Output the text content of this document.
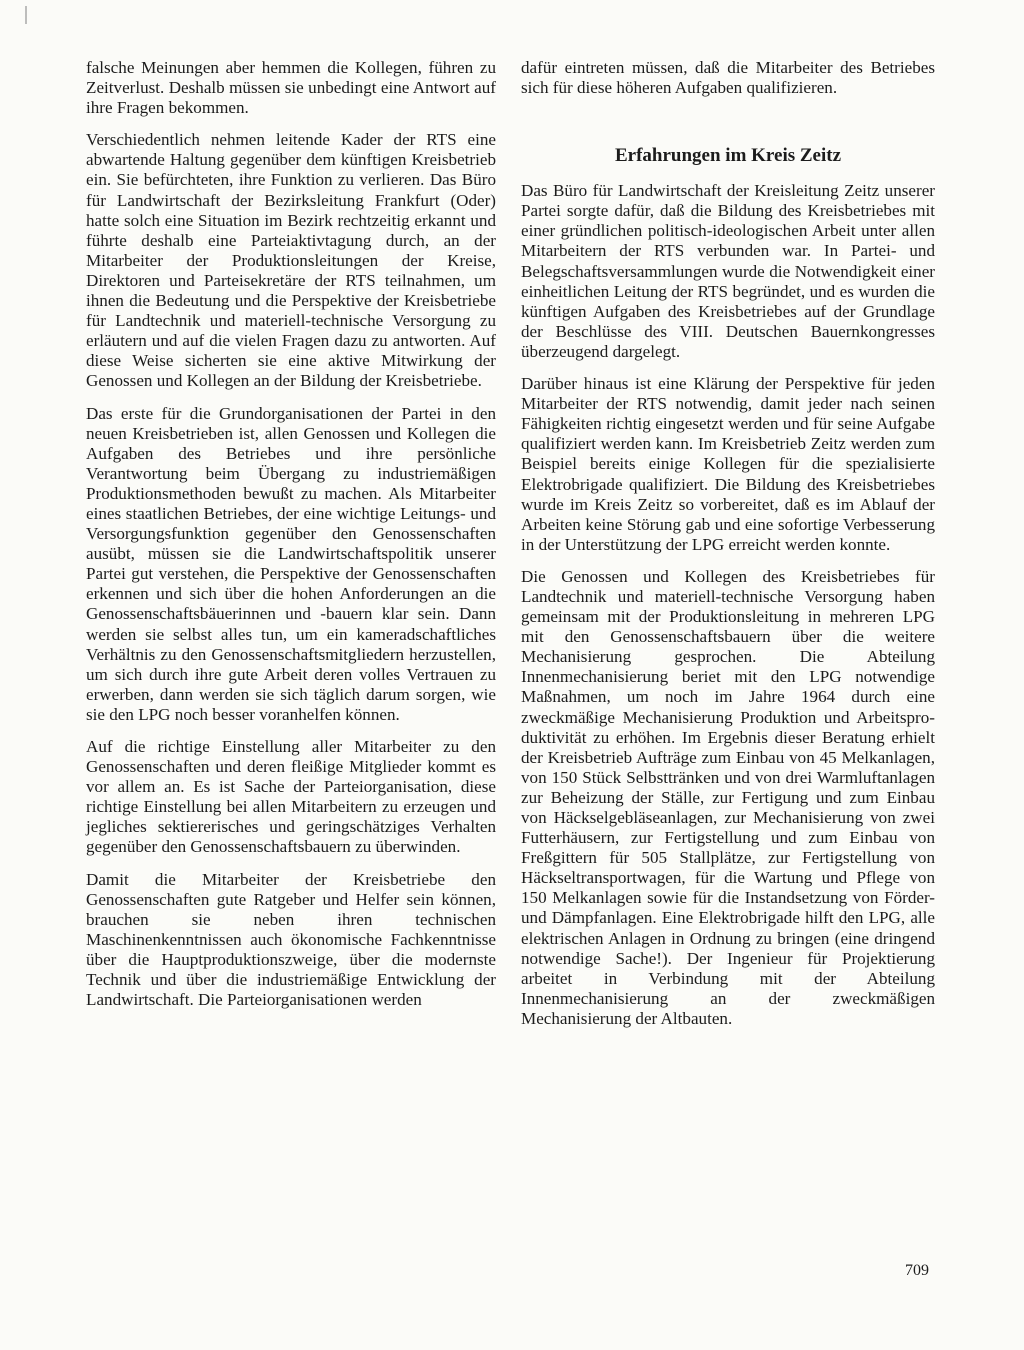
falsche Meinungen aber hemmen die Kollegen, führen zu Zeitverlust. Deshalb müssen sie unbedingt eine Antwort auf ihre Fragen bekommen.

Verschiedentlich nehmen leitende Kader der RTS eine abwartende Haltung gegenüber dem künftigen Kreisbetrieb ein. Sie befürchteten, ihre Funktion zu verlieren. Das Büro für Landwirtschaft der Bezirksleitung Frankfurt (Oder) hatte solch eine Situation im Bezirk rechtzeitig erkannt und führte deshalb eine Parteiaktivtagung durch, an der Mitarbeiter der Produktionsleitungen der Kreise, Direktoren und Parteisekretäre der RTS teilnahmen, um ihnen die Bedeutung und die Perspektive der Kreisbetriebe für Landtechnik und materiell-technische Versorgung zu erläutern und auf die vielen Fragen dazu zu antworten. Auf diese Weise sicherten sie eine aktive Mitwirkung der Genossen und Kollegen an der Bildung der Kreisbetriebe.

Das erste für die Grundorganisationen der Partei in den neuen Kreisbetrieben ist, allen Genossen und Kollegen die Aufgaben des Betriebes und ihre persönliche Verantwortung beim Übergang zu industriemäßigen Produktionsmethoden bewußt zu machen. Als Mitarbeiter eines staatlichen Betriebes, der eine wichtige Leitungs- und Versorgungsfunktion gegenüber den Genossenschaften ausübt, müssen sie die Landwirtschaftspolitik unserer Partei gut verstehen, die Perspektive der Genossenschaften erkennen und sich über die hohen Anforderungen an die Genossenschaftsbäuerinnen und -bauern klar sein. Dann werden sie selbst alles tun, um ein kameradschaftliches Verhältnis zu den Genossenschaftsmitgliedern herzustellen, um sich durch ihre gute Arbeit deren volles Vertrauen zu erwerben, dann werden sie sich täglich darum sorgen, wie sie den LPG noch besser voranhelfen können.

Auf die richtige Einstellung aller Mitarbeiter zu den Genossenschaften und deren fleißige Mitglieder kommt es vor allem an. Es ist Sache der Parteiorganisation, diese richtige Einstellung bei allen Mitarbeitern zu erzeugen und jegliches sektiererisches und geringschätziges Verhalten gegenüber den Genossenschaftsbauern zu überwinden.

Damit die Mitarbeiter der Kreisbetriebe den Genossenschaften gute Ratgeber und Helfer sein können, brauchen sie neben ihren technischen Maschinenkenntnissen auch ökonomische Fachkenntnisse über die Hauptproduktionszweige, über die modernste Technik und über die industriemäßige Entwicklung der Landwirtschaft. Die Parteiorganisationen werden

dafür eintreten müssen, daß die Mitarbeiter des Betriebes sich für diese höheren Aufgaben qualifizieren.

Erfahrungen im Kreis Zeitz

Das Büro für Landwirtschaft der Kreisleitung Zeitz unserer Partei sorgte dafür, daß die Bildung des Kreisbetriebes mit einer gründlichen politisch-ideologischen Arbeit unter allen Mitarbeitern der RTS verbunden war. In Partei- und Belegschaftsversammlungen wurde die Notwendigkeit einer einheitlichen Leitung der RTS begründet, und es wurden die künftigen Aufgaben des Kreisbetriebes auf der Grundlage der Beschlüsse des VIII. Deutschen Bauernkongresses überzeugend dargelegt.

Darüber hinaus ist eine Klärung der Perspektive für jeden Mitarbeiter der RTS notwendig, damit jeder nach seinen Fähigkeiten richtig eingesetzt werden und für seine Aufgabe qualifiziert werden kann. Im Kreisbetrieb Zeitz werden zum Beispiel bereits einige Kollegen für die spezialisierte Elektrobrigade qualifiziert. Die Bildung des Kreisbetriebes wurde im Kreis Zeitz so vorbereitet, daß es im Ablauf der Arbeiten keine Störung gab und eine sofortige Verbesserung in der Unterstützung der LPG erreicht werden konnte.

Die Genossen und Kollegen des Kreisbetriebes für Landtechnik und materiell-technische Versorgung haben gemeinsam mit der Produktionsleitung in mehreren LPG mit den Genossenschaftsbauern über die weitere Mechanisierung gesprochen. Die Abteilung Innenmechanisierung beriet mit den LPG notwendige Maßnahmen, um noch im Jahre 1964 durch eine zweckmäßige Mechanisierung Produktion und Arbeitsproduktivität zu erhöhen. Im Ergebnis dieser Beratung erhielt der Kreisbetrieb Aufträge zum Einbau von 45 Melkanlagen, von 150 Stück Selbsttränken und von drei Warmluftanlagen zur Beheizung der Ställe, zur Fertigung und zum Einbau von Häckselgebläseanlagen, zur Mechanisierung von zwei Futterhäusern, zur Fertigstellung und zum Einbau von Freßgittern für 505 Stallplätze, zur Fertigstellung von Häckseltransportwagen, für die Wartung und Pflege von 150 Melkanlagen sowie für die Instandsetzung von Förder- und Dämpfanlagen. Eine Elektrobrigade hilft den LPG, alle elektrischen Anlagen in Ordnung zu bringen (eine dringend notwendige Sache!). Der Ingenieur für Projektierung arbeitet in Verbindung mit der Abteilung Innenmechanisierung an der zweckmäßigen Mechanisierung der Altbauten.

709
